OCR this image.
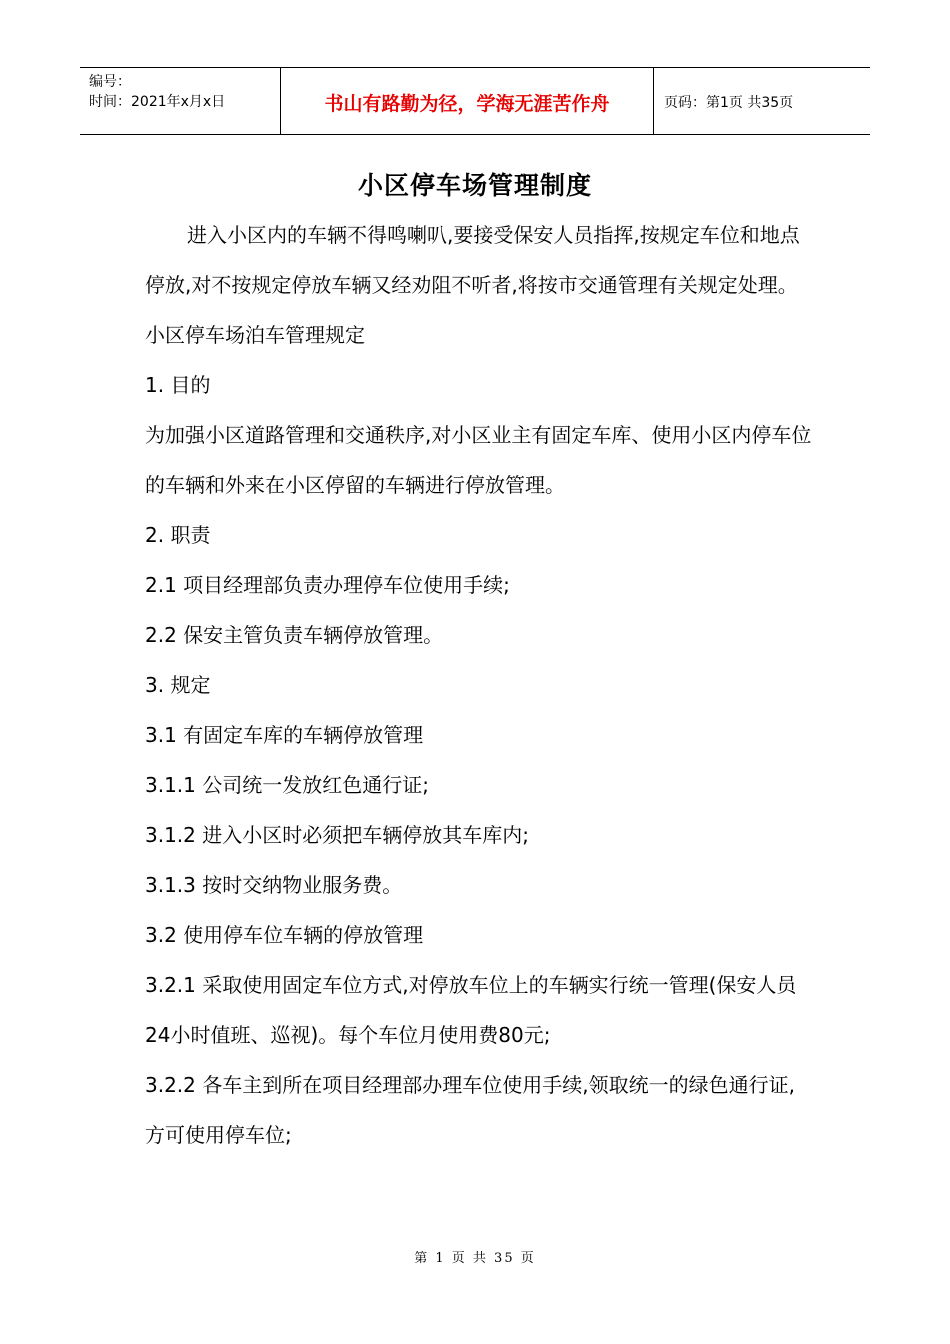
编号：
时间：2021年x月x日	书山有路勤为径，学海无涯苦作舟	页码：第1页 共35页
小区停车场管理制度

进入小区内的车辆不得鸣喇叭,要接受保安人员指挥,按规定车位和地点停放,对不按规定停放车辆又经劝阻不听者,将按市交通管理有关规定处理。

小区停车场泊车管理规定

1. 目的

为加强小区道路管理和交通秩序,对小区业主有固定车库、使用小区内停车位的车辆和外来在小区停留的车辆进行停放管理。

2. 职责

2.1 项目经理部负责办理停车位使用手续;

2.2 保安主管负责车辆停放管理。

3. 规定

3.1 有固定车库的车辆停放管理

3.1.1 公司统一发放红色通行证;

3.1.2 进入小区时必须把车辆停放其车库内;

3.1.3 按时交纳物业服务费。

3.2 使用停车位车辆的停放管理

3.2.1 采取使用固定车位方式,对停放车位上的车辆实行统一管理(保安人员24小时值班、巡视)。每个车位月使用费80元;

3.2.2 各车主到所在项目经理部办理车位使用手续,领取统一的绿色通行证,方可使用停车位;

第 1 页 共 35 页
